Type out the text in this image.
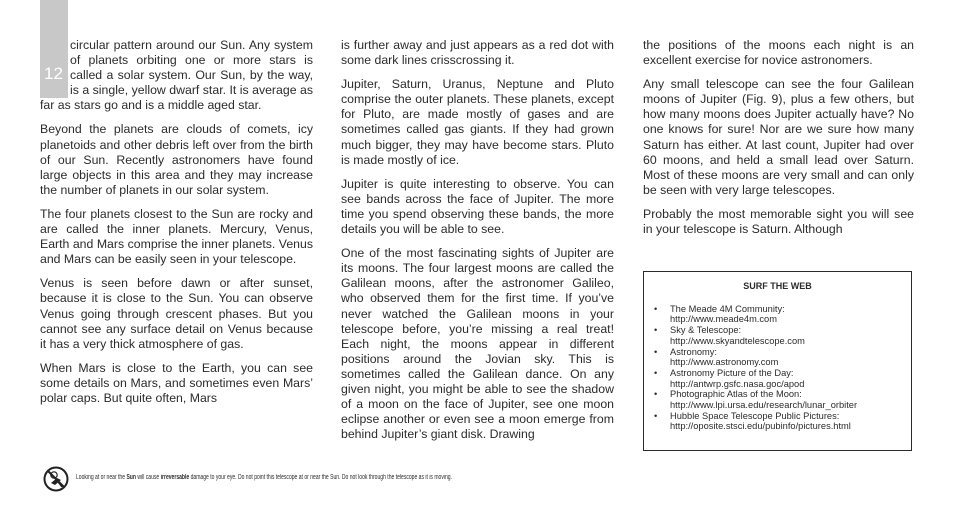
12

circular pattern around our Sun. Any system of planets orbiting one or more stars is called a solar system. Our Sun, by the way, is a single, yellow dwarf star. It is average as far as stars go and is a middle aged star.

Beyond the planets are clouds of comets, icy planetoids and other debris left over from the birth of our Sun. Recently astronomers have found large objects in this area and they may increase the number of planets in our solar system.

The four planets closest to the Sun are rocky and are called the inner planets. Mercury, Venus, Earth and Mars comprise the inner planets. Venus and Mars can be easily seen in your telescope.

Venus is seen before dawn or after sunset, because it is close to the Sun. You can observe Venus going through crescent phases. But you cannot see any surface detail on Venus because it has a very thick atmosphere of gas.

When Mars is close to the Earth, you can see some details on Mars, and sometimes even Mars’ polar caps. But quite often, Mars

is further away and just appears as a red dot with some dark lines crisscrossing it.

Jupiter, Saturn, Uranus, Neptune and Pluto comprise the outer planets. These planets, except for Pluto, are made mostly of gases and are sometimes called gas giants. If they had grown much bigger, they may have become stars. Pluto is made mostly of ice.

Jupiter is quite interesting to observe. You can see bands across the face of Jupiter. The more time you spend observing these bands, the more details you will be able to see.

One of the most fascinating sights of Jupiter are its moons. The four largest moons are called the Galilean moons, after the astronomer Galileo, who observed them for the first time. If you’ve never watched the Galilean moons in your telescope before, you’re missing a real treat! Each night, the moons appear in different positions around the Jovian sky. This is sometimes called the Galilean dance. On any given night, you might be able to see the shadow of a moon on the face of Jupiter, see one moon eclipse another or even see a moon emerge from behind Jupiter’s giant disk. Drawing

the positions of the moons each night is an excellent exercise for novice astronomers.

Any small telescope can see the four Galilean moons of Jupiter (Fig. 9), plus a few others, but how many moons does Jupiter actually have? No one knows for sure! Nor are we sure how many Saturn has either. At last count, Jupiter had over 60 moons, and held a small lead over Saturn. Most of these moons are very small and can only be seen with very large telescopes.

Probably the most memorable sight you will see in your telescope is Saturn. Although

SURF THE WEB
• The Meade 4M Community:
http://www.meade4m.com
• Sky & Telescope:
http://www.skyandtelescope.com
• Astronomy:
http://www.astronomy.com
• Astronomy Picture of the Day:
http://antwrp.gsfc.nasa.goc/apod
• Photographic Atlas of the Moon:
http://www.lpi.ursa.edu/research/lunar_orbiter
• Hubble Space Telescope Public Pictures:
http://oposite.stsci.edu/pubinfo/pictures.html
Looking at or near the Sun will cause irreversable damage to your eye. Do not point this telescope at or near the Sun. Do not look through the telescope as it is moving.
